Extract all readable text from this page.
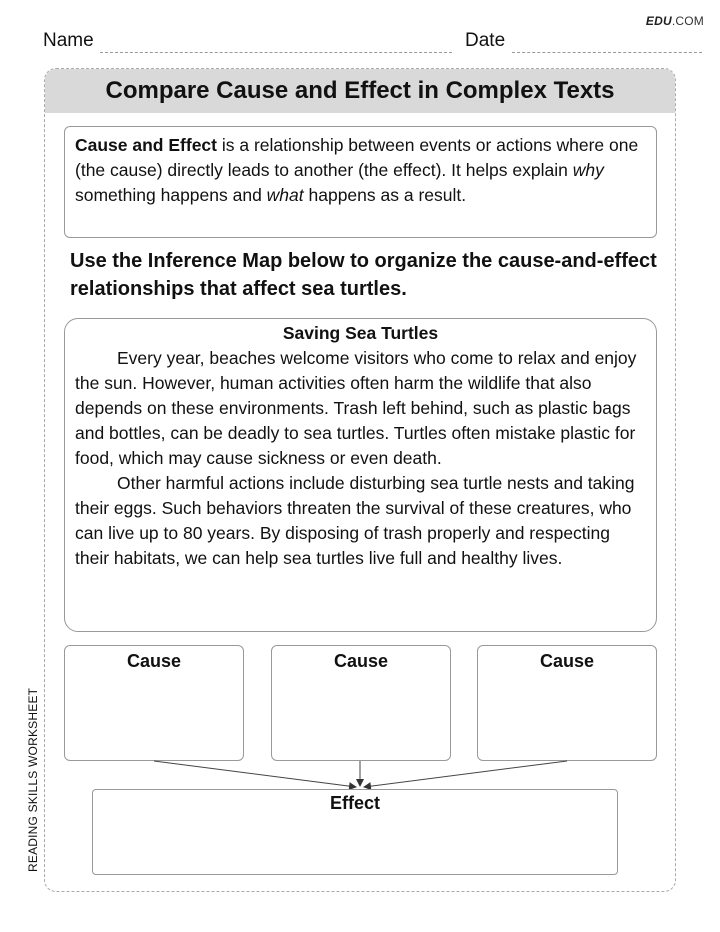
EDU.COM
Name	Date
READING SKILLS WORKSHEET
Compare Cause and Effect in Complex Texts
Cause and Effect is a relationship between events or actions where one (the cause) directly leads to another (the effect). It helps explain why something happens and what happens as a result.
Use the Inference Map below to organize the cause-and-effect relationships that affect sea turtles.
Saving Sea Turtles

Every year, beaches welcome visitors who come to relax and enjoy the sun. However, human activities often harm the wildlife that also depends on these environments. Trash left behind, such as plastic bags and bottles, can be deadly to sea turtles. Turtles often mistake plastic for food, which may cause sickness or even death.

Other harmful actions include disturbing sea turtle nests and taking their eggs. Such behaviors threaten the survival of these creatures, who can live up to 80 years. By disposing of trash properly and respecting their habitats, we can help sea turtles live full and healthy lives.

Cause	Cause	Cause
Effect
